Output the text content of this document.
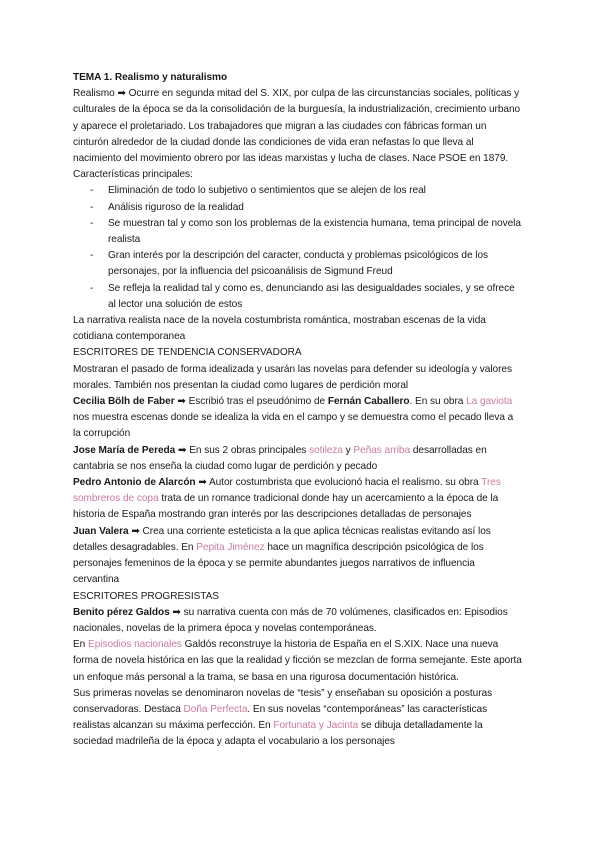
TEMA 1. Realismo y naturalismo

Realismo ➡ Ocurre en segunda mitad del S. XIX, por culpa de las circunstancias sociales, políticas y culturales de la época se da la consolidación de la burguesía, la industrialización, crecimiento urbano y aparece el proletariado. Los trabajadores que migran a las ciudades con fábricas forman un cinturón alrededor de la ciudad donde las condiciones de vida eran nefastas lo que lleva al nacimiento del movimiento obrero por las ideas marxistas y lucha de clases. Nace PSOE en 1879.

Características principales:

- Eliminación de todo lo subjetivo o sentimientos que se alejen de los real
- Análisis riguroso de la realidad
- Se muestran tal y como son los problemas de la existencia humana, tema principal de novela realista
- Gran interés por la descripción del caracter, conducta y problemas psicológicos de los personajes, por la influencia del psicoanálisis de Sigmund Freud
- Se refleja la realidad tal y como es, denunciando asi las desigualdades sociales, y se ofrece al lector una solución de estos

La narrativa realista nace de la novela costumbrista romántica, mostraban escenas de la vida cotidiana contemporanea

ESCRITORES DE TENDENCIA CONSERVADORA

Mostraran el pasado de forma idealizada y usarán las novelas para defender su ideología y valores morales. También nos presentan la ciudad como lugares de perdición moral

Cecilia Bölh de Faber ➡ Escribió tras el pseudónimo de Fernán Caballero. En su obra La gaviota nos muestra escenas donde se idealiza la vida en el campo y se demuestra como el pecado lleva a la corrupción

Jose María de Pereda ➡ En sus 2 obras principales sotileza y Peñas arriba desarrolladas en cantabria se nos enseña la ciudad como lugar de perdición y pecado

Pedro Antonio de Alarcón ➡ Autor costumbrista que evolucionó hacia el realismo. su obra Tres sombreros de copa trata de un romance tradicional donde hay un acercamiento a la época de la historia de España mostrando gran interés por las descripciones detalladas de personajes

Juan Valera ➡ Crea una corriente esteticista a la que aplica técnicas realistas evitando así los detalles desagradables. En Pepita Jiménez hace un magnífica descripción psicológica de los personajes femeninos de la época y se permite abundantes juegos narrativos de influencia cervantina

ESCRITORES PROGRESISTAS

Benito pérez Galdos ➡ su narrativa cuenta con más de 70 volúmenes, clasificados en: Episodios nacionales, novelas de la primera época y novelas contemporáneas.

En Episodios nacionales Galdós reconstruye la historia de España en el S.XIX. Nace una nueva forma de novela histórica en las que la realidad y ficción se mezclan de forma semejante. Este aporta un enfoque más personal a la trama, se basa en una rigurosa documentación histórica.

Sus primeras novelas se denominaron novelas de “tesis” y enseñaban su oposición a posturas conservadoras. Destaca Doña Perfecta. En sus novelas “contemporáneas” las características realistas alcanzan su máxima perfección. En Fortunata y Jacinta se dibuja detalladamente la sociedad madrileña de la época y adapta el vocabulario a los personajes
